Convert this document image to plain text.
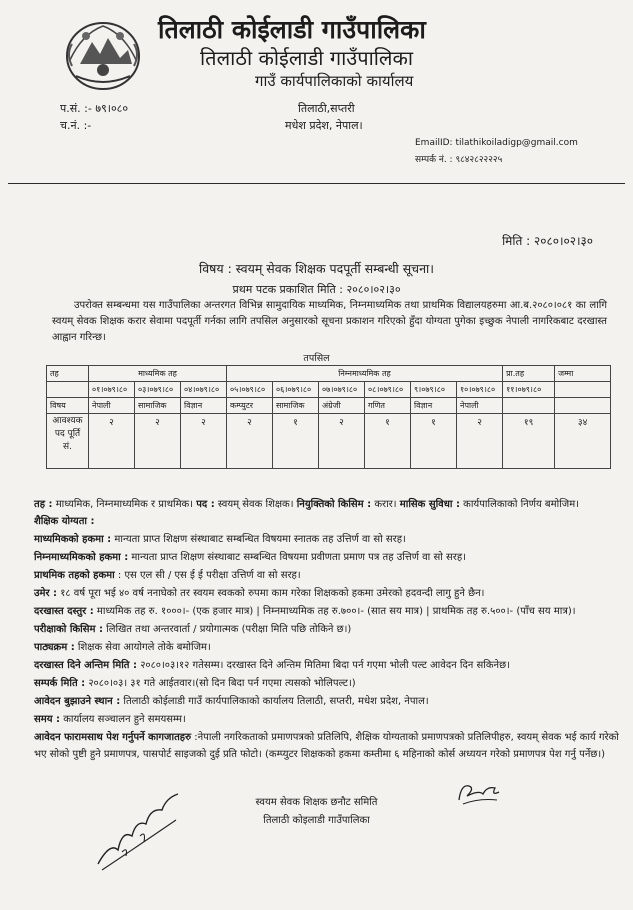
तिलाठी कोईलाडी गाउँपालिका
तिलाठी कोईलाडी गाउँपालिका
गाउँ कार्यपालिकाको कार्यालय
प.सं. :- ७९।०८०
च.नं. :-
तिलाठी,सप्तरी
मधेश प्रदेश, नेपाल।
EmailID: tilathikoiladigp@gmail.com
सम्पर्क नं. : ९८४२८२२२२५
मिति : २०८०।०२।३०
विषय : स्वयम् सेवक शिक्षक पदपूर्ती सम्बन्धी सूचना।
प्रथम पटक प्रकाशित मिति : २०८०।०२।३०
उपरोक्त सम्बन्धमा यस गाउँपालिका अन्तरगत विभिन्न सामुदायिक माध्यमिक, निम्नमाध्यमिक तथा प्राथमिक विद्यालयहरुमा आ.ब.२०८०।०८१ का लागि स्वयम् सेवक शिक्षक करार सेवामा पदपूर्ती गर्नका लागि तपसिल अनुसारको सूचना प्रकाशन गरिएको हुँदा योग्यता पुगेका इच्छुक नेपाली नागरिकबाट दरखास्त आह्वान गरिन्छ।
तपसिल
तह	माध्यमिक तह			निम्नमाध्यमिक तह						प्रा.तह	जम्मा
	०१।०७९।८०	०३।०७९।८०	०४।०७९।८०	०५।०७९।८०	०६।०७९।८०	०७।०७९।८०	०८।०७९।८०	९।०७९।८०	१०।०७९।८०	११।०७९।८०	
विषय	नेपाली	सामाजिक	विज्ञान	कम्प्युटर	सामाजिक	अंग्रेजी	गणित	विज्ञान	नेपाली		
आवश्यक पद पूर्ति सं.	२	२	२	२	१	२	१	१	२	१९	३४

तह : माध्यमिक, निम्नमाध्यमिक र प्राथमिक। पद : स्वयम् सेवक शिक्षक। नियुक्तिको किसिम : करार। मासिक सुविधा : कार्यपालिकाको निर्णय बमोजिम।

शैक्षिक योग्यता :

माध्यमिकको हकमा : मान्यता प्राप्त शिक्षण संस्थाबाट सम्बन्धित विषयमा स्नातक तह उत्तिर्ण वा सो सरह।

निम्नमाध्यमिकको हकमा : मान्यता प्राप्त शिक्षण संस्थाबाट सम्बन्धित विषयमा प्रवीणता प्रमाण पत्र तह उत्तिर्ण वा सो सरह।

प्राथमिक तहको हकमा : एस एल सी / एस ई ई परीक्षा उत्तिर्ण वा सो सरह।

उमेर : १८ वर्ष पूरा भई ४० वर्ष ननाघेको तर स्वयम स्वकको रुपमा काम गरेका शिक्षकको हकमा उमेरको हदवन्दी लागु हुने छैन।

दरखास्त दस्तुर : माध्यमिक तह रु. १०००।- (एक हजार मात्र) | निम्नमाध्यमिक तह रु.७००।- (सात सय मात्र) | प्राथमिक तह रु.५००।- (पाँच सय मात्र)।

परीक्षाको किसिम : लिखित तथा अन्तरवार्ता / प्रयोगात्मक (परीक्षा मिति पछि तोकिने छ।)

पाठ्यक्रम : शिक्षक सेवा आयोगले तोके बमोजिम।

दरखास्त दिने अन्तिम मिति : २०८०।०३।१२ गतेसम्म। दरखास्त दिने अन्तिम मितिमा बिदा पर्न गएमा भोली पल्ट आवेदन दिन सकिनेछ।

सम्पर्क मिति : २०८०।०३। ३१ गते आईतवार।(सो दिन बिदा पर्न गएमा त्यसको भोलिपल्ट।)

आवेदन बुझाउने स्थान : तिलाठी कोईलाडी गाउँ कार्यपालिकाको कार्यालय तिलाठी, सप्तरी, मधेश प्रदेश, नेपाल।

समय : कार्यालय सञ्चालन हुने समयसम्म।

आवेदन फारामसाथ पेश गर्नुपर्ने कागजातहरु :नेपाली नगरिकताको प्रमाणपत्रको प्रतिलिपि, शैक्षिक योग्यताको प्रमाणपत्रको प्रतिलिपीहरु, स्वयम् सेवक भई कार्य गरेको भए सोको पुष्टी हुने प्रमाणपत्र, पासपोर्ट साइजको दुई प्रति फोटो। (कम्प्युटर शिक्षकको हकमा कम्तीमा ६ महिनाको कोर्स अध्ययन गरेको प्रमाणपत्र पेश गर्नु पर्नेछ।)

स्वयम सेवक शिक्षक छनौट समिति
तिलाठी कोइलाडी गाउँपालिका
